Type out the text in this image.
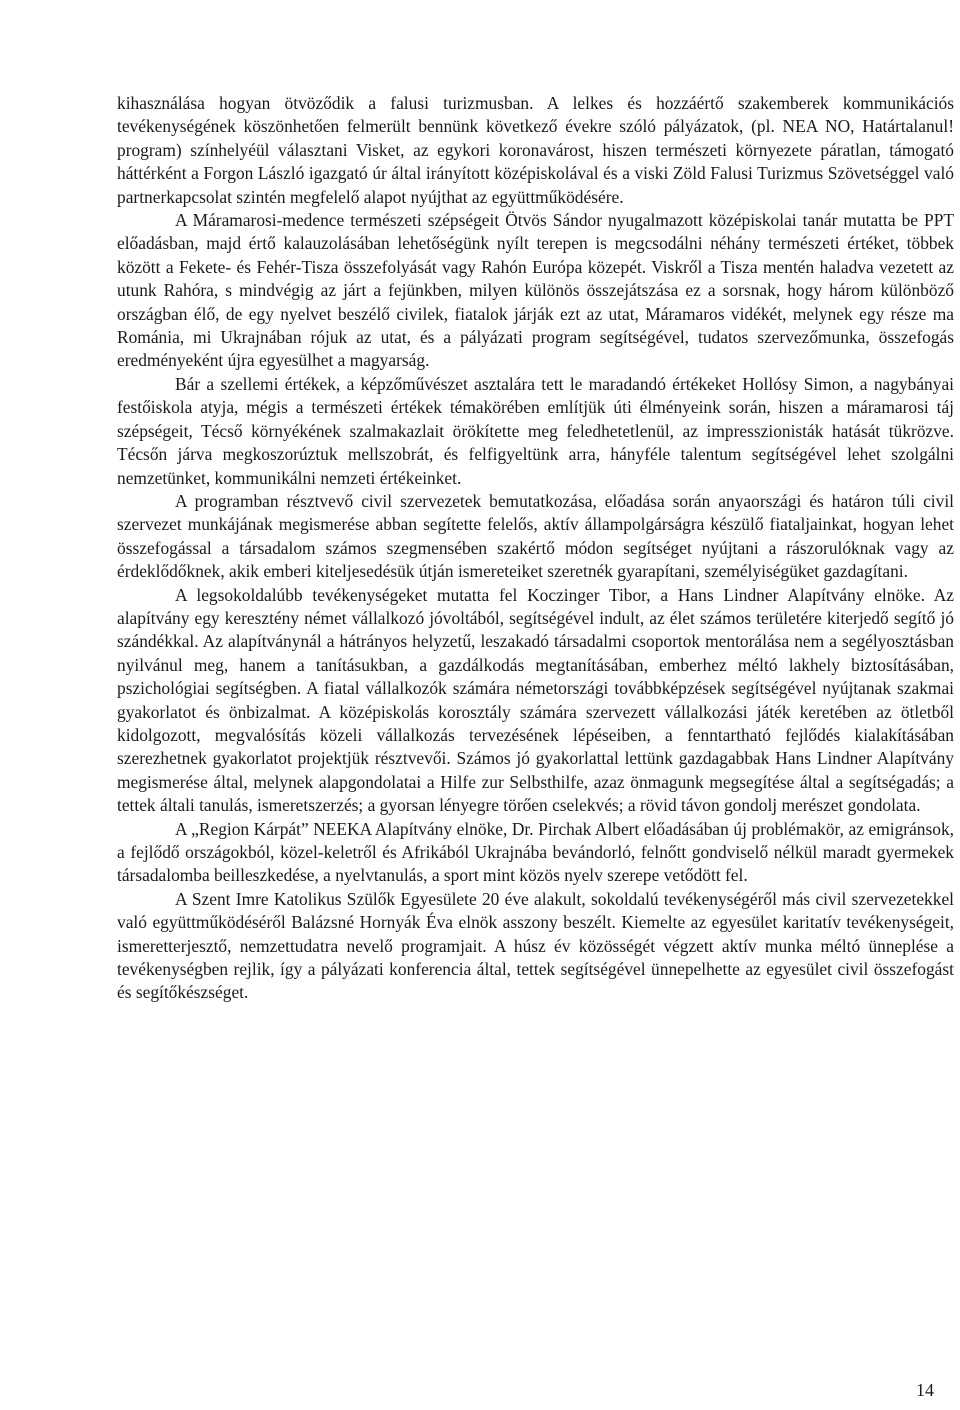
kihasználása hogyan ötvöződik a falusi turizmusban. A lelkes és hozzáértő szakemberek kommunikációs tevékenységének köszönhetően felmerült bennünk következő évekre szóló pályázatok, (pl. NEA NO, Határtalanul! program) színhelyéül választani Visket, az egykori koronavárost, hiszen természeti környezete páratlan, támogató háttérként a Forgon László igazgató úr által irányított középiskolával és a viski Zöld Falusi Turizmus Szövetséggel való partnerkapcsolat szintén megfelelő alapot nyújthat az együttműködésére.

A Máramarosi-medence természeti szépségeit Ötvös Sándor nyugalmazott középiskolai tanár mutatta be PPT előadásban, majd értő kalauzolásában lehetőségünk nyílt terepen is megcsodálni néhány természeti értéket, többek között a Fekete- és Fehér-Tisza összefolyását vagy Rahón Európa közepét. Viskről a Tisza mentén haladva vezetett az utunk Rahóra, s mindvégig az járt a fejünkben, milyen különös összejátszása ez a sorsnak, hogy három különböző országban élő, de egy nyelvet beszélő civilek, fiatalok járják ezt az utat, Máramaros vidékét, melynek egy része ma Románia, mi Ukrajnában rójuk az utat, és a pályázati program segítségével, tudatos szervezőmunka, összefogás eredményeként újra egyesülhet a magyarság.

Bár a szellemi értékek, a képzőművészet asztalára tett le maradandó értékeket Hollósy Simon, a nagybányai festőiskola atyja, mégis a természeti értékek témakörében említjük úti élményeink során, hiszen a máramarosi táj szépségeit, Técső környékének szalmakazlait örökítette meg feledhetetlenül, az impresszionisták hatását tükrözve. Técsőn járva megkoszorúztuk mellszobrát, és felfigyeltünk arra, hányféle talentum segítségével lehet szolgálni nemzetünket, kommunikálni nemzeti értékeinket.

A programban résztvevő civil szervezetek bemutatkozása, előadása során anyaországi és határon túli civil szervezet munkájának megismerése abban segítette felelős, aktív állampolgárságra készülő fiataljainkat, hogyan lehet összefogással a társadalom számos szegmensében szakértő módon segítséget nyújtani a rászorulóknak vagy az érdeklődőknek, akik emberi kiteljesedésük útján ismereteiket szeretnék gyarapítani, személyiségüket gazdagítani.

A legsokoldalúbb tevékenységeket mutatta fel Koczinger Tibor, a Hans Lindner Alapítvány elnöke. Az alapítvány egy keresztény német vállalkozó jóvoltából, segítségével indult, az élet számos területére kiterjedő segítő jó szándékkal. Az alapítványnál a hátrányos helyzetű, leszakadó társadalmi csoportok mentorálása nem a segélyosztásban nyilvánul meg, hanem a tanításukban, a gazdálkodás megtanításában, emberhez méltó lakhely biztosításában, pszichológiai segítségben. A fiatal vállalkozók számára németországi továbbképzések segítségével nyújtanak szakmai gyakorlatot és önbizalmat. A középiskolás korosztály számára szervezett vállalkozási játék keretében az ötletből kidolgozott, megvalósítás közeli vállalkozás tervezésének lépéseiben, a fenntartható fejlődés kialakításában szerezhetnek gyakorlatot projektjük résztvevői. Számos jó gyakorlattal lettünk gazdagabbak Hans Lindner Alapítvány megismerése által, melynek alapgondolatai a Hilfe zur Selbsthilfe, azaz önmagunk megsegítése által a segítségadás; a tettek általi tanulás, ismeretszerzés; a gyorsan lényegre törően cselekvés; a rövid távon gondolj merészet gondolata.

A „Region Kárpát” NEEKA Alapítvány elnöke, Dr. Pirchak Albert előadásában új problémakör, az emigránsok, a fejlődő országokból, közel-keletről és Afrikából Ukrajnába bevándorló, felnőtt gondviselő nélkül maradt gyermekek társadalomba beilleszkedése, a nyelvtanulás, a sport mint közös nyelv szerepe vetődött fel.

A Szent Imre Katolikus Szülők Egyesülete 20 éve alakult, sokoldalú tevékenységéről más civil szervezetekkel való együttműködéséről Balázsné Hornyák Éva elnök asszony beszélt. Kiemelte az egyesület karitatív tevékenységeit, ismeretterjesztő, nemzettudatra nevelő programjait. A húsz év közösségét végzett aktív munka méltó ünneplése a tevékenységben rejlik, így a pályázati konferencia által, tettek segítségével ünnepelhette az egyesület civil összefogást és segítőkészséget.

14
